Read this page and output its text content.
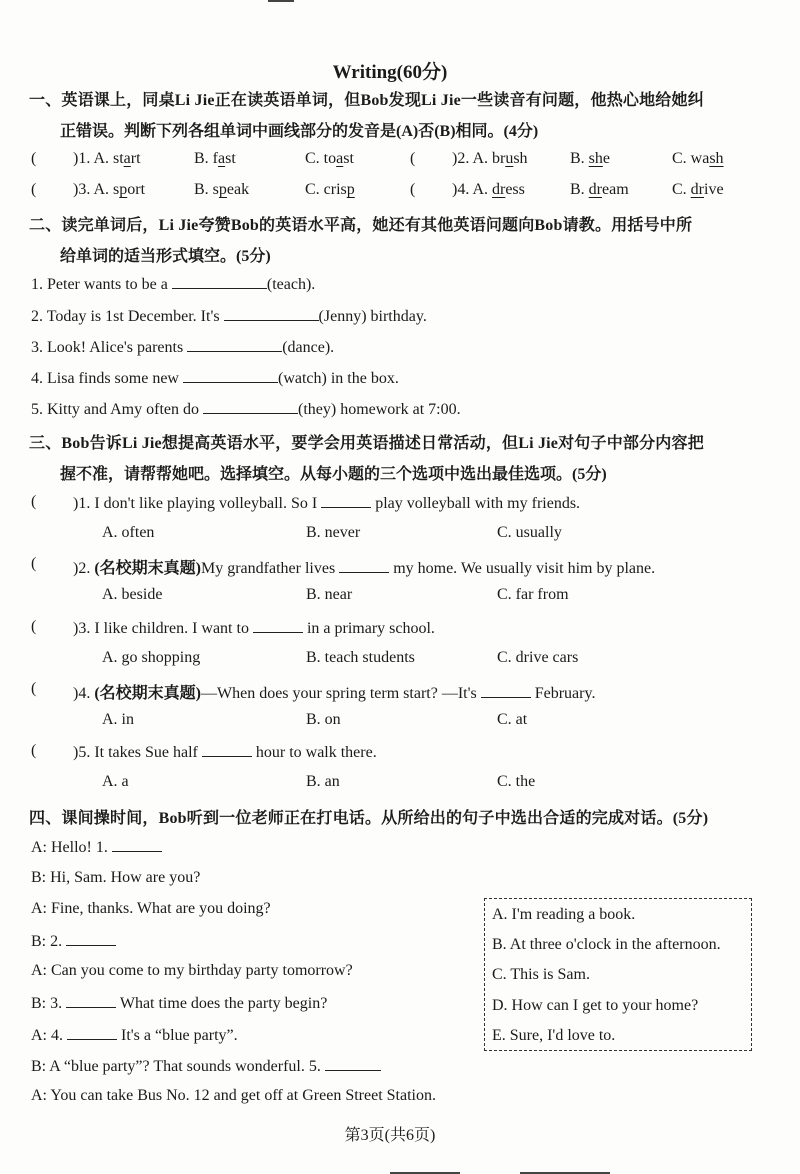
Writing(60分)
一、英语课上，同桌Li Jie正在读英语单词，但Bob发现Li Jie一些读音有问题，他热心地给她纠
正错误。判断下列各组单词中画线部分的发音是(A)否(B)相同。(4分)
( )1. A. start	B. fast	C. toast	( )2. A. brush	B. she	C. wash
( )3. A. sport	B. speak	C. crisp	( )4. A. dress	B. dream	C. drive
二、读完单词后，Li Jie夸赞Bob的英语水平高，她还有其他英语问题向Bob请教。用括号中所
给单词的适当形式填空。(5分)
1. Peter wants to be a	(teach).
2. Today is 1st December. It's	(Jenny) birthday.
3. Look! Alice's parents	(dance).
4. Lisa finds some new	(watch) in the box.
5. Kitty and Amy often do	(they) homework at 7:00.
三、Bob告诉Li Jie想提高英语水平，要学会用英语描述日常活动，但Li Jie对句子中部分内容把
握不准，请帮帮她吧。选择填空。从每小题的三个选项中选出最佳选项。(5分)
( )1. I don't like playing volleyball. So I	play volleyball with my friends.
A. often	B. never	C. usually
( )2. (名校期末真题)My grandfather lives	my home. We usually visit him by plane.
A. beside	B. near	C. far from
( )3. I like children. I want to	in a primary school.
A. go shopping	B. teach students	C. drive cars
( )4. (名校期末真题)—When does your spring term start? —It's	February.
A. in	B. on	C. at
( )5. It takes Sue half	hour to walk there.
A. a	B. an	C. the
四、课间操时间，Bob听到一位老师正在打电话。从所给出的句子中选出合适的完成对话。(5分)
A: Hello! 1.
B: Hi, Sam. How are you?
A: Fine, thanks. What are you doing?
B: 2.
A: Can you come to my birthday party tomorrow?
B: 3.	What time does the party begin?
A: 4.	It's a “blue party”.
B: A “blue party”? That sounds wonderful. 5.
A: You can take Bus No. 12 and get off at Green Street Station.
A. I'm reading a book.
B. At three o'clock in the afternoon.
C. This is Sam.
D. How can I get to your home?
E. Sure, I'd love to.
第3页(共6页)
